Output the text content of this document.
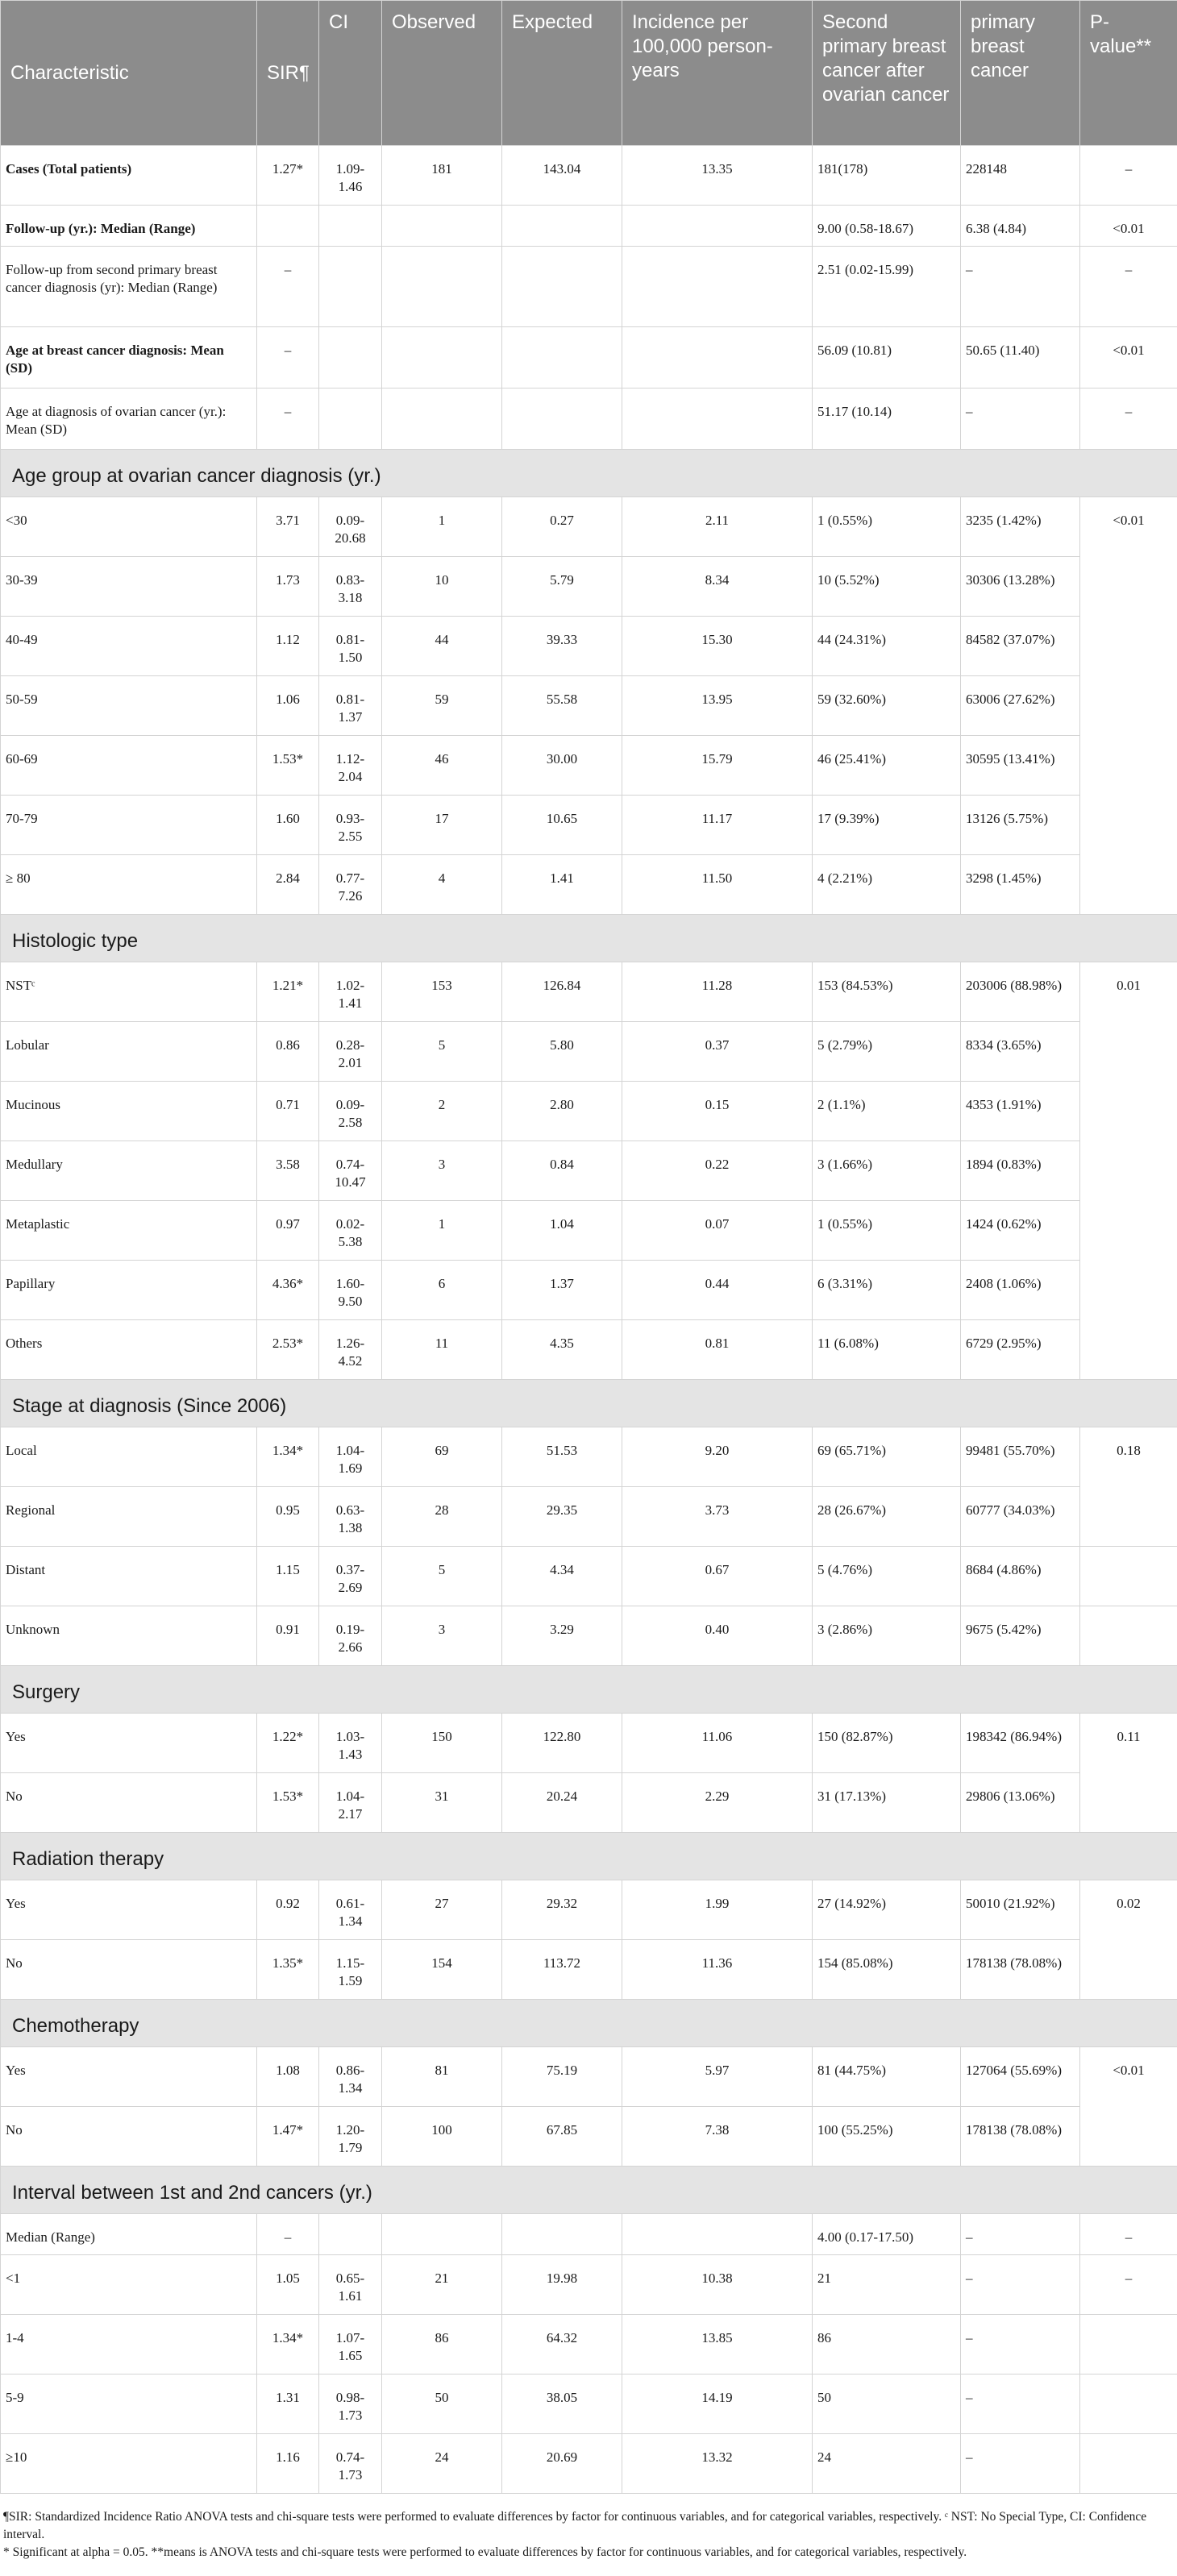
Characteristic	SIR¶	CI	Observed	Expected	Incidence per 100,000 person-years	Second primary breast cancer after ovarian cancer	primary breast cancer	P-value**
Cases (Total patients)	1.27*	1.09-1.46	181	143.04	13.35	181(178)	228148	–
Follow-up (yr.): Median (Range)						9.00 (0.58-18.67)	6.38 (4.84)	<0.01
Follow-up from second primary breast cancer diagnosis (yr): Median (Range)	–					2.51 (0.02-15.99)	–	–
Age at breast cancer diagnosis: Mean (SD)	–					56.09 (10.81)	50.65 (11.40)	<0.01
Age at diagnosis of ovarian cancer (yr.): Mean (SD)	–					51.17 (10.14)	–	–
Age group at ovarian cancer diagnosis (yr.)								
<30	3.71	0.09-20.68	1	0.27	2.11	1 (0.55%)	3235 (1.42%)	<0.01
30-39	1.73	0.83-3.18	10	5.79	8.34	10 (5.52%)	30306 (13.28%)	
40-49	1.12	0.81-1.50	44	39.33	15.30	44 (24.31%)	84582 (37.07%)	
50-59	1.06	0.81-1.37	59	55.58	13.95	59 (32.60%)	63006 (27.62%)	
60-69	1.53*	1.12-2.04	46	30.00	15.79	46 (25.41%)	30595 (13.41%)	
70-79	1.60	0.93-2.55	17	10.65	11.17	17 (9.39%)	13126 (5.75%)	
≥ 80	2.84	0.77-7.26	4	1.41	11.50	4 (2.21%)	3298 (1.45%)	
Histologic type								
NSTᶜ	1.21*	1.02-1.41	153	126.84	11.28	153 (84.53%)	203006 (88.98%)	0.01
Lobular	0.86	0.28-2.01	5	5.80	0.37	5 (2.79%)	8334 (3.65%)	
Mucinous	0.71	0.09-2.58	2	2.80	0.15	2 (1.1%)	4353 (1.91%)	
Medullary	3.58	0.74-10.47	3	0.84	0.22	3 (1.66%)	1894 (0.83%)	
Metaplastic	0.97	0.02-5.38	1	1.04	0.07	1 (0.55%)	1424 (0.62%)	
Papillary	4.36*	1.60-9.50	6	1.37	0.44	6 (3.31%)	2408 (1.06%)	
Others	2.53*	1.26-4.52	11	4.35	0.81	11 (6.08%)	6729 (2.95%)	
Stage at diagnosis (Since 2006)								
Local	1.34*	1.04-1.69	69	51.53	9.20	69 (65.71%)	99481 (55.70%)	0.18
Regional	0.95	0.63-1.38	28	29.35	3.73	28 (26.67%)	60777 (34.03%)	
Distant	1.15	0.37-2.69	5	4.34	0.67	5 (4.76%)	8684 (4.86%)	
Unknown	0.91	0.19-2.66	3	3.29	0.40	3 (2.86%)	9675 (5.42%)	
Surgery								
Yes	1.22*	1.03-1.43	150	122.80	11.06	150 (82.87%)	198342 (86.94%)	0.11
No	1.53*	1.04-2.17	31	20.24	2.29	31 (17.13%)	29806 (13.06%)	
Radiation therapy								
Yes	0.92	0.61-1.34	27	29.32	1.99	27 (14.92%)	50010 (21.92%)	0.02
No	1.35*	1.15-1.59	154	113.72	11.36	154 (85.08%)	178138 (78.08%)	
Chemotherapy								
Yes	1.08	0.86-1.34	81	75.19	5.97	81 (44.75%)	127064 (55.69%)	<0.01
No	1.47*	1.20-1.79	100	67.85	7.38	100 (55.25%)	178138 (78.08%)	
Interval between 1st and 2nd cancers (yr.)								
Median (Range)	–					4.00 (0.17-17.50)	–	–
<1	1.05	0.65-1.61	21	19.98	10.38	21	–	–
1-4	1.34*	1.07-1.65	86	64.32	13.85	86	–	
5-9	1.31	0.98-1.73	50	38.05	14.19	50	–	
≥10	1.16	0.74-1.73	24	20.69	13.32	24	–	

¶SIR: Standardized Incidence Ratio ANOVA tests and chi-square tests were performed to evaluate differences by factor for continuous variables, and for categorical variables, respectively. ᶜ NST: No Special Type, CI: Confidence interval.

* Significant at alpha = 0.05. **means is ANOVA tests and chi-square tests were performed to evaluate differences by factor for continuous variables, and for categorical variables, respectively.
